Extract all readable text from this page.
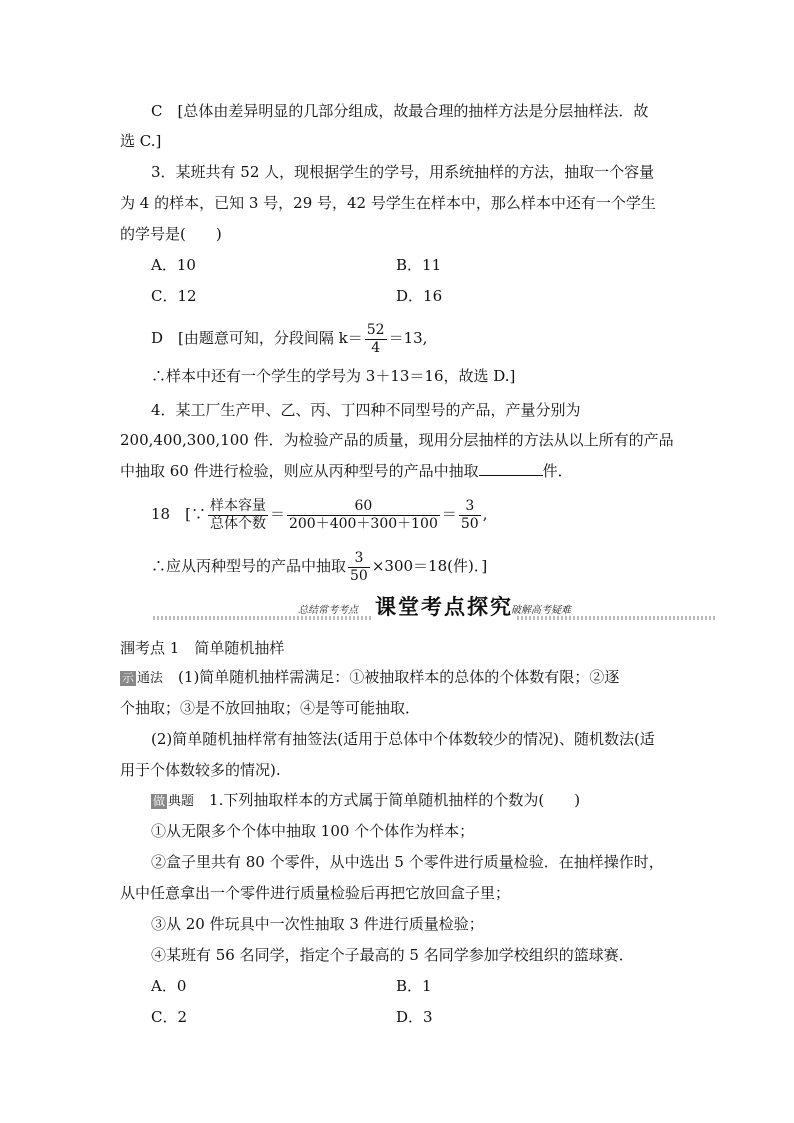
C　[总体由差异明显的几部分组成，故最合理的抽样方法是分层抽样法．故
选 C.]
3．某班共有 52 人，现根据学生的学号，用系统抽样的方法，抽取一个容量
为 4 的样本，已知 3 号，29 号，42 号学生在样本中，那么样本中还有一个学生
的学号是(　　)
A．10	B．11
C．12	D．16
D　[由题意可知，分段间隔 $k= \frac{52}{4} =13$,
∴样本中还有一个学生的学号为 3＋13＝16，故选 D.]
4．某工厂生产甲、乙、丙、丁四种不同型号的产品，产量分别为
200,400,300,100 件．为检验产品的质量，现用分层抽样的方法从以上所有的产品
中抽取 60 件进行检验，则应从丙种型号的产品中抽取	件．
18　[∵ $\frac{\text{样本容量}}{\text{总体个数}} = \frac{60}{200+400+300+100} = \frac{3}{50}$ ,
∴应从丙种型号的产品中抽取 $\frac{3}{50} \times 300=18$(件)．]
总结常考考点 课堂考点探究
破解高考疑难
涠考点 1　简单随机抽样
示 通法　 (1)简单随机抽样需满足：①被抽取样本的总体的个体数有限；②逐
个抽取；③是不放回抽取；④是等可能抽取．
(2)简单随机抽样常有抽签法(适用于总体中个体数较少的情况)、随机数法(适
用于个体数较多的情况).
做 典题　 1.下列抽取样本的方式属于简单随机抽样的个数为(　　)
①从无限多个个体中抽取 100 个个体作为样本；
②盒子里共有 80 个零件，从中选出 5 个零件进行质量检验．在抽样操作时，
从中任意拿出一个零件进行质量检验后再把它放回盒子里；
③从 20 件玩具中一次性抽取 3 件进行质量检验；
④某班有 56 名同学，指定个子最高的 5 名同学参加学校组织的篮球赛．
A．0	B．1
C．2	D．3
